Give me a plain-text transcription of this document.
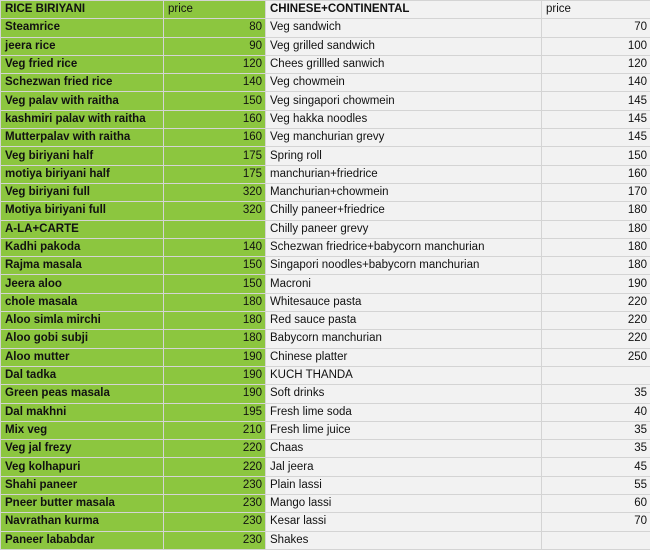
RICE BIRIYANI	price	CHINESE+CONTINENTAL	price
Steamrice	80	Veg sandwich	70
jeera rice	90	Veg grilled sandwich	100
Veg fried rice	120	Chees grillled sanwich	120
Schezwan fried rice	140	Veg chowmein	140
Veg palav with raitha	150	Veg singapori chowmein	145
kashmiri palav with raitha	160	Veg hakka noodles	145
Mutterpalav with raitha	160	Veg manchurian grevy	145
Veg biriyani half	175	Spring roll	150
motiya biriyani half	175	manchurian+friedrice	160
Veg biriyani full	320	Manchurian+chowmein	170
Motiya biriyani full	320	Chilly paneer+friedrice	180
A-LA+CARTE		Chilly paneer grevy	180
Kadhi pakoda	140	Schezwan friedrice+babycorn manchurian	180
Rajma masala	150	Singapori noodles+babycorn manchurian	180
Jeera aloo	150	Macroni	190
chole masala	180	Whitesauce pasta	220
Aloo simla mirchi	180	Red sauce pasta	220
Aloo gobi subji	180	Babycorn manchurian	220
Aloo mutter	190	Chinese platter	250
Dal tadka	190	KUCH THANDA	
Green peas masala	190	Soft drinks	35
Dal makhni	195	Fresh lime soda	40
Mix veg	210	Fresh lime juice	35
Veg jal frezy	220	Chaas	35
Veg kolhapuri	220	Jal jeera	45
Shahi paneer	230	Plain lassi	55
Pneer butter masala	230	Mango lassi	60
Navrathan kurma	230	Kesar lassi	70
Paneer lababdar	230	Shakes	
